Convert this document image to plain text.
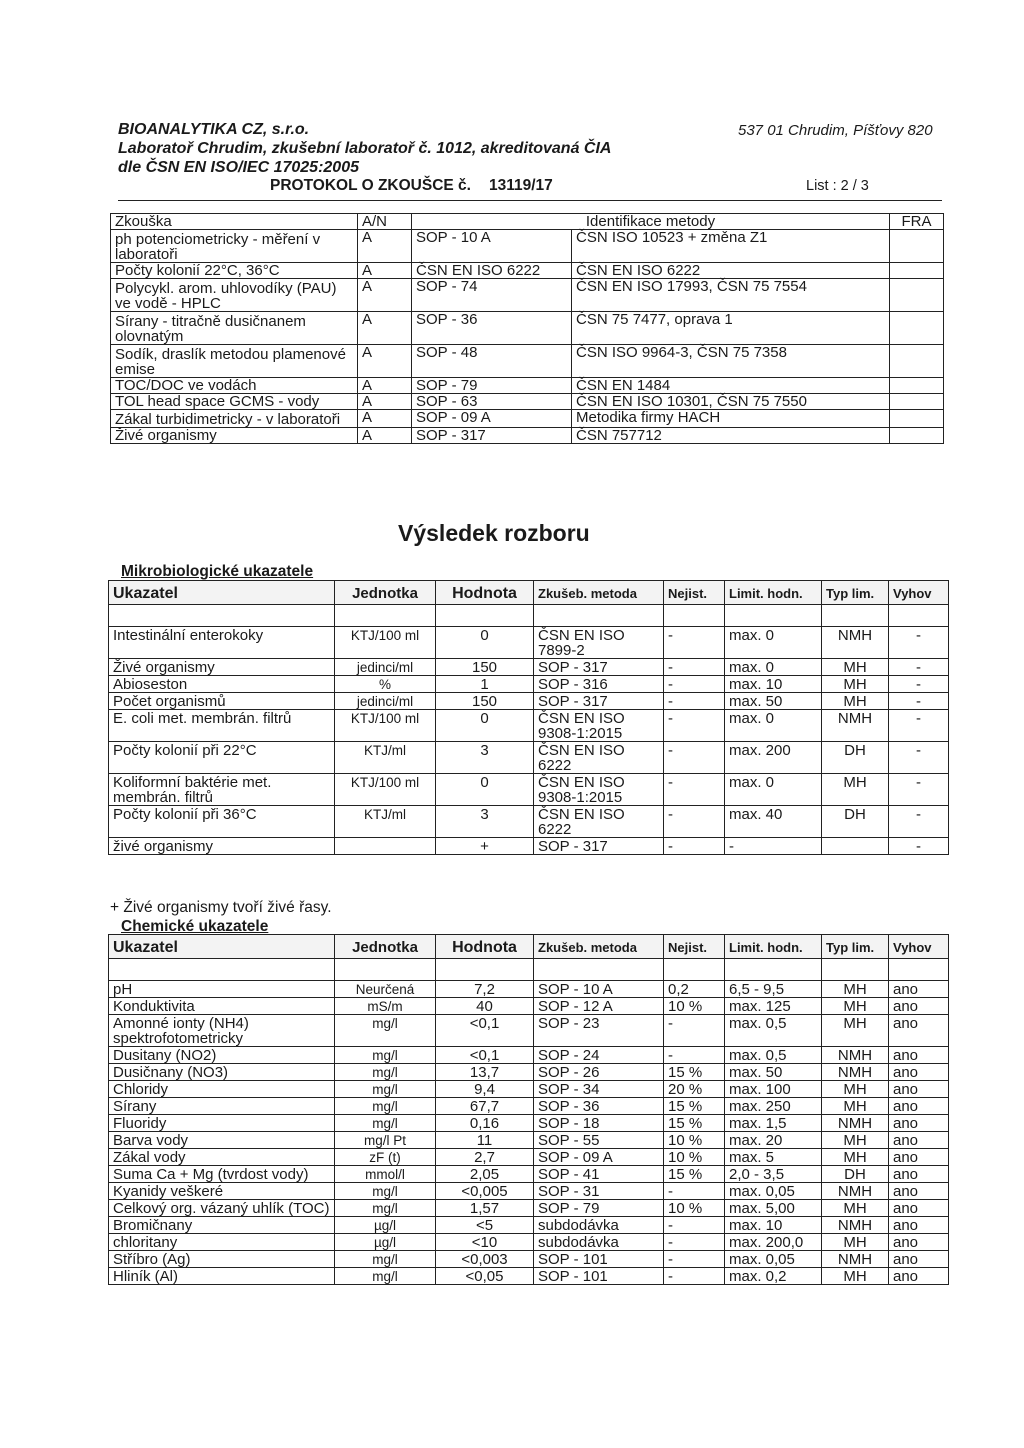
BIOANALYTIKA CZ, s.r.o.
Laboratoř Chrudim, zkušební laboratoř č. 1012, akreditovaná ČIA
dle ČSN EN ISO/IEC 17025:2005
537 01 Chrudim, Píšťovy 820
PROTOKOL O ZKOUŠCE č. 13119/17	List : 2 / 3
Zkouška	A/N	Identifikace metody		FRA
ph potenciometricky - měření v laboratoři	A	SOP - 10 A	ČSN ISO 10523 + změna Z1	
Počty kolonií 22°C, 36°C	A	ČSN EN ISO 6222	ČSN EN ISO 6222	
Polycykl. arom. uhlovodíky (PAU) ve vodě - HPLC	A	SOP - 74	ČSN EN ISO 17993, ČSN 75 7554	
Sírany - titračně dusičnanem olovnatým	A	SOP - 36	ČSN 75 7477, oprava 1	
Sodík, draslík metodou plamenové emise	A	SOP - 48	ČSN ISO 9964-3, ČSN 75 7358	
TOC/DOC ve vodách	A	SOP - 79	ČSN EN 1484	
TOL head space GCMS - vody	A	SOP - 63	ČSN EN ISO 10301, ČSN 75 7550	
Zákal turbidimetricky - v laboratoři	A	SOP - 09 A	Metodika firmy HACH	
Živé organismy	A	SOP - 317	ČSN 757712	
Výsledek rozboru
Mikrobiologické ukazatele
Ukazatel	Jednotka	Hodnota	Zkušeb. metoda	Nejist.	Limit. hodn.	Typ lim.	Vyhov

Intestinální enterokoky	KTJ/100 ml	0	ČSN EN ISO 7899-2	-	max. 0	NMH	-
Živé organismy	jedinci/ml	150	SOP - 317	-	max. 0	MH	-
Abioseston	%	1	SOP - 316	-	max. 10	MH	-
Počet organismů	jedinci/ml	150	SOP - 317	-	max. 50	MH	-
E. coli met. membrán. filtrů	KTJ/100 ml	0	ČSN EN ISO 9308-1:2015	-	max. 0	NMH	-
Počty kolonií při 22°C	KTJ/ml	3	ČSN EN ISO 6222	-	max. 200	DH	-
Koliformní baktérie met. membrán. filtrů	KTJ/100 ml	0	ČSN EN ISO 9308-1:2015	-	max. 0	MH	-
Počty kolonií při 36°C	KTJ/ml	3	ČSN EN ISO 6222	-	max. 40	DH	-
živé organismy		+	SOP - 317	-	-		-
+ Živé organismy tvoří živé řasy.
Chemické ukazatele
Ukazatel	Jednotka	Hodnota	Zkušeb. metoda	Nejist.	Limit. hodn.	Typ lim.	Vyhov

pH	Neurčená	7,2	SOP - 10 A	0,2	6,5 - 9,5	MH	ano
Konduktivita	mS/m	40	SOP - 12 A	10 %	max. 125	MH	ano
Amonné ionty (NH4) spektrofotometricky	mg/l	<0,1	SOP - 23	-	max. 0,5	MH	ano
Dusitany (NO2)	mg/l	<0,1	SOP - 24	-	max. 0,5	NMH	ano
Dusičnany (NO3)	mg/l	13,7	SOP - 26	15 %	max. 50	NMH	ano
Chloridy	mg/l	9,4	SOP - 34	20 %	max. 100	MH	ano
Sírany	mg/l	67,7	SOP - 36	15 %	max. 250	MH	ano
Fluoridy	mg/l	0,16	SOP - 18	15 %	max. 1,5	NMH	ano
Barva vody	mg/l Pt	11	SOP - 55	10 %	max. 20	MH	ano
Zákal vody	zF (t)	2,7	SOP - 09 A	10 %	max. 5	MH	ano
Suma Ca + Mg (tvrdost vody)	mmol/l	2,05	SOP - 41	15 %	2,0 - 3,5	DH	ano
Kyanidy veškeré	mg/l	<0,005	SOP - 31	-	max. 0,05	NMH	ano
Celkový org. vázaný uhlík (TOC)	mg/l	1,57	SOP - 79	10 %	max. 5,00	MH	ano
Bromičnany	µg/l	<5	subdodávka	-	max. 10	NMH	ano
chloritany	µg/l	<10	subdodávka	-	max. 200,0	MH	ano
Stříbro (Ag)	mg/l	<0,003	SOP - 101	-	max. 0,05	NMH	ano
Hliník (Al)	mg/l	<0,05	SOP - 101	-	max. 0,2	MH	ano
